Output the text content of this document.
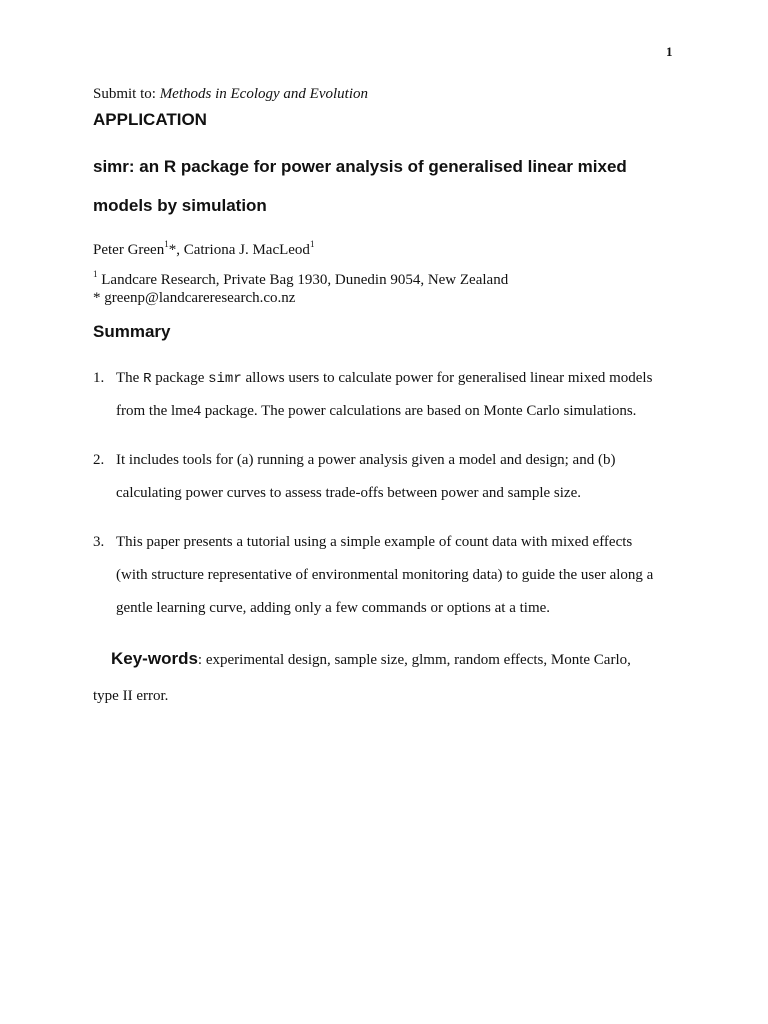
1
Submit to: Methods in Ecology and Evolution
APPLICATION
simr: an R package for power analysis of generalised linear mixed
models by simulation
Peter Green$^1$*, Catriona J. MacLeod$^1$
$^1$ Landcare Research, Private Bag 1930, Dunedin 9054, New Zealand
* greenp@landcareresearch.co.nz
Summary
1. The R package simr allows users to calculate power for generalised linear mixed models
from the lme4 package. The power calculations are based on Monte Carlo simulations.
2. It includes tools for (a) running a power analysis given a model and design; and (b)
calculating power curves to assess trade-offs between power and sample size.
3. This paper presents a tutorial using a simple example of count data with mixed effects
(with structure representative of environmental monitoring data) to guide the user along a
gentle learning curve, adding only a few commands or options at a time.
Key-words: experimental design, sample size, glmm, random effects, Monte Carlo,
type II error.
